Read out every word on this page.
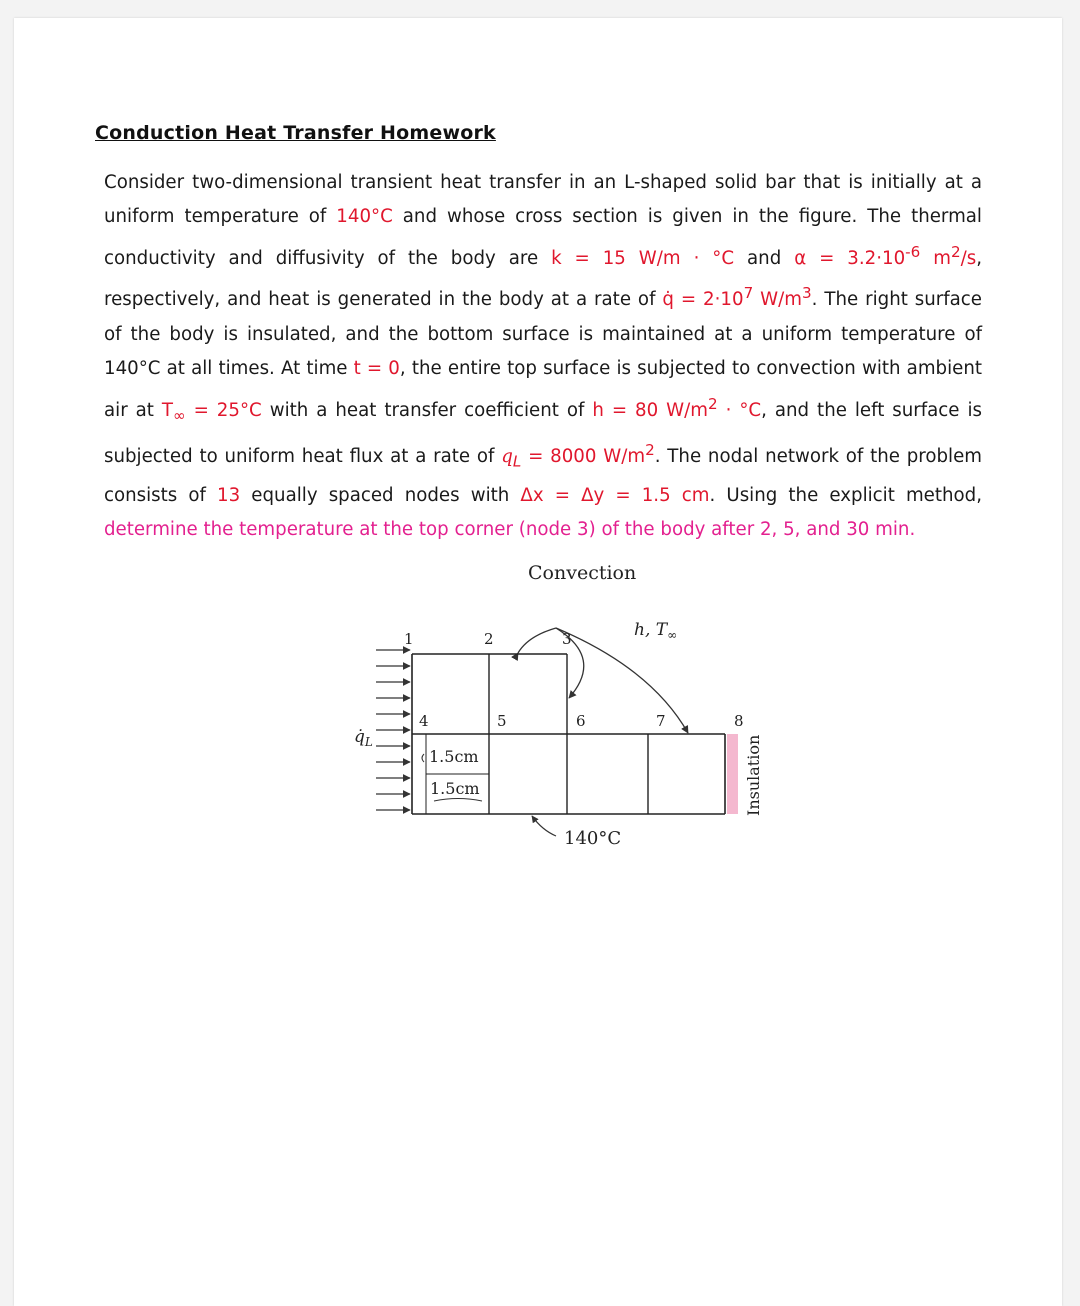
Conduction Heat Transfer Homework
Consider two-dimensional transient heat transfer in an L-shaped solid bar that is initially at a uniform temperature of 140°C and whose cross section is given in the figure. The thermal conductivity and diffusivity of the body are k = 15 W/m · °C and $\alpha = 3.2\cdot 10^{-6}$ $m^2/s$, respectively, and heat is generated in the body at a rate of q̇ = $2\cdot 10^7$ $W/m^3$. The right surface of the body is insulated, and the bottom surface is maintained at a uniform temperature of 140°C at all times. At time t = 0, the entire top surface is subjected to convection with ambient air at $T_\infty = 25^\circ C$ with a heat transfer coefficient of h = 80 $W/m^2 \cdot ^\circ C$, and the left surface is subjected to uniform heat flux at a rate of $q_L = 8000$ $W/m^2$. The nodal network of the problem consists of 13 equally spaced nodes with Δx = Δy = 1.5 cm. Using the explicit method, determine the temperature at the top corner (node 3) of the body after 2, 5, and 30 min.
Convection
h, $T_\infty$
1	2	3
Insulation
4	5	6	7	8
$q̇_L$
1.5cm
1.5cm
140°C
